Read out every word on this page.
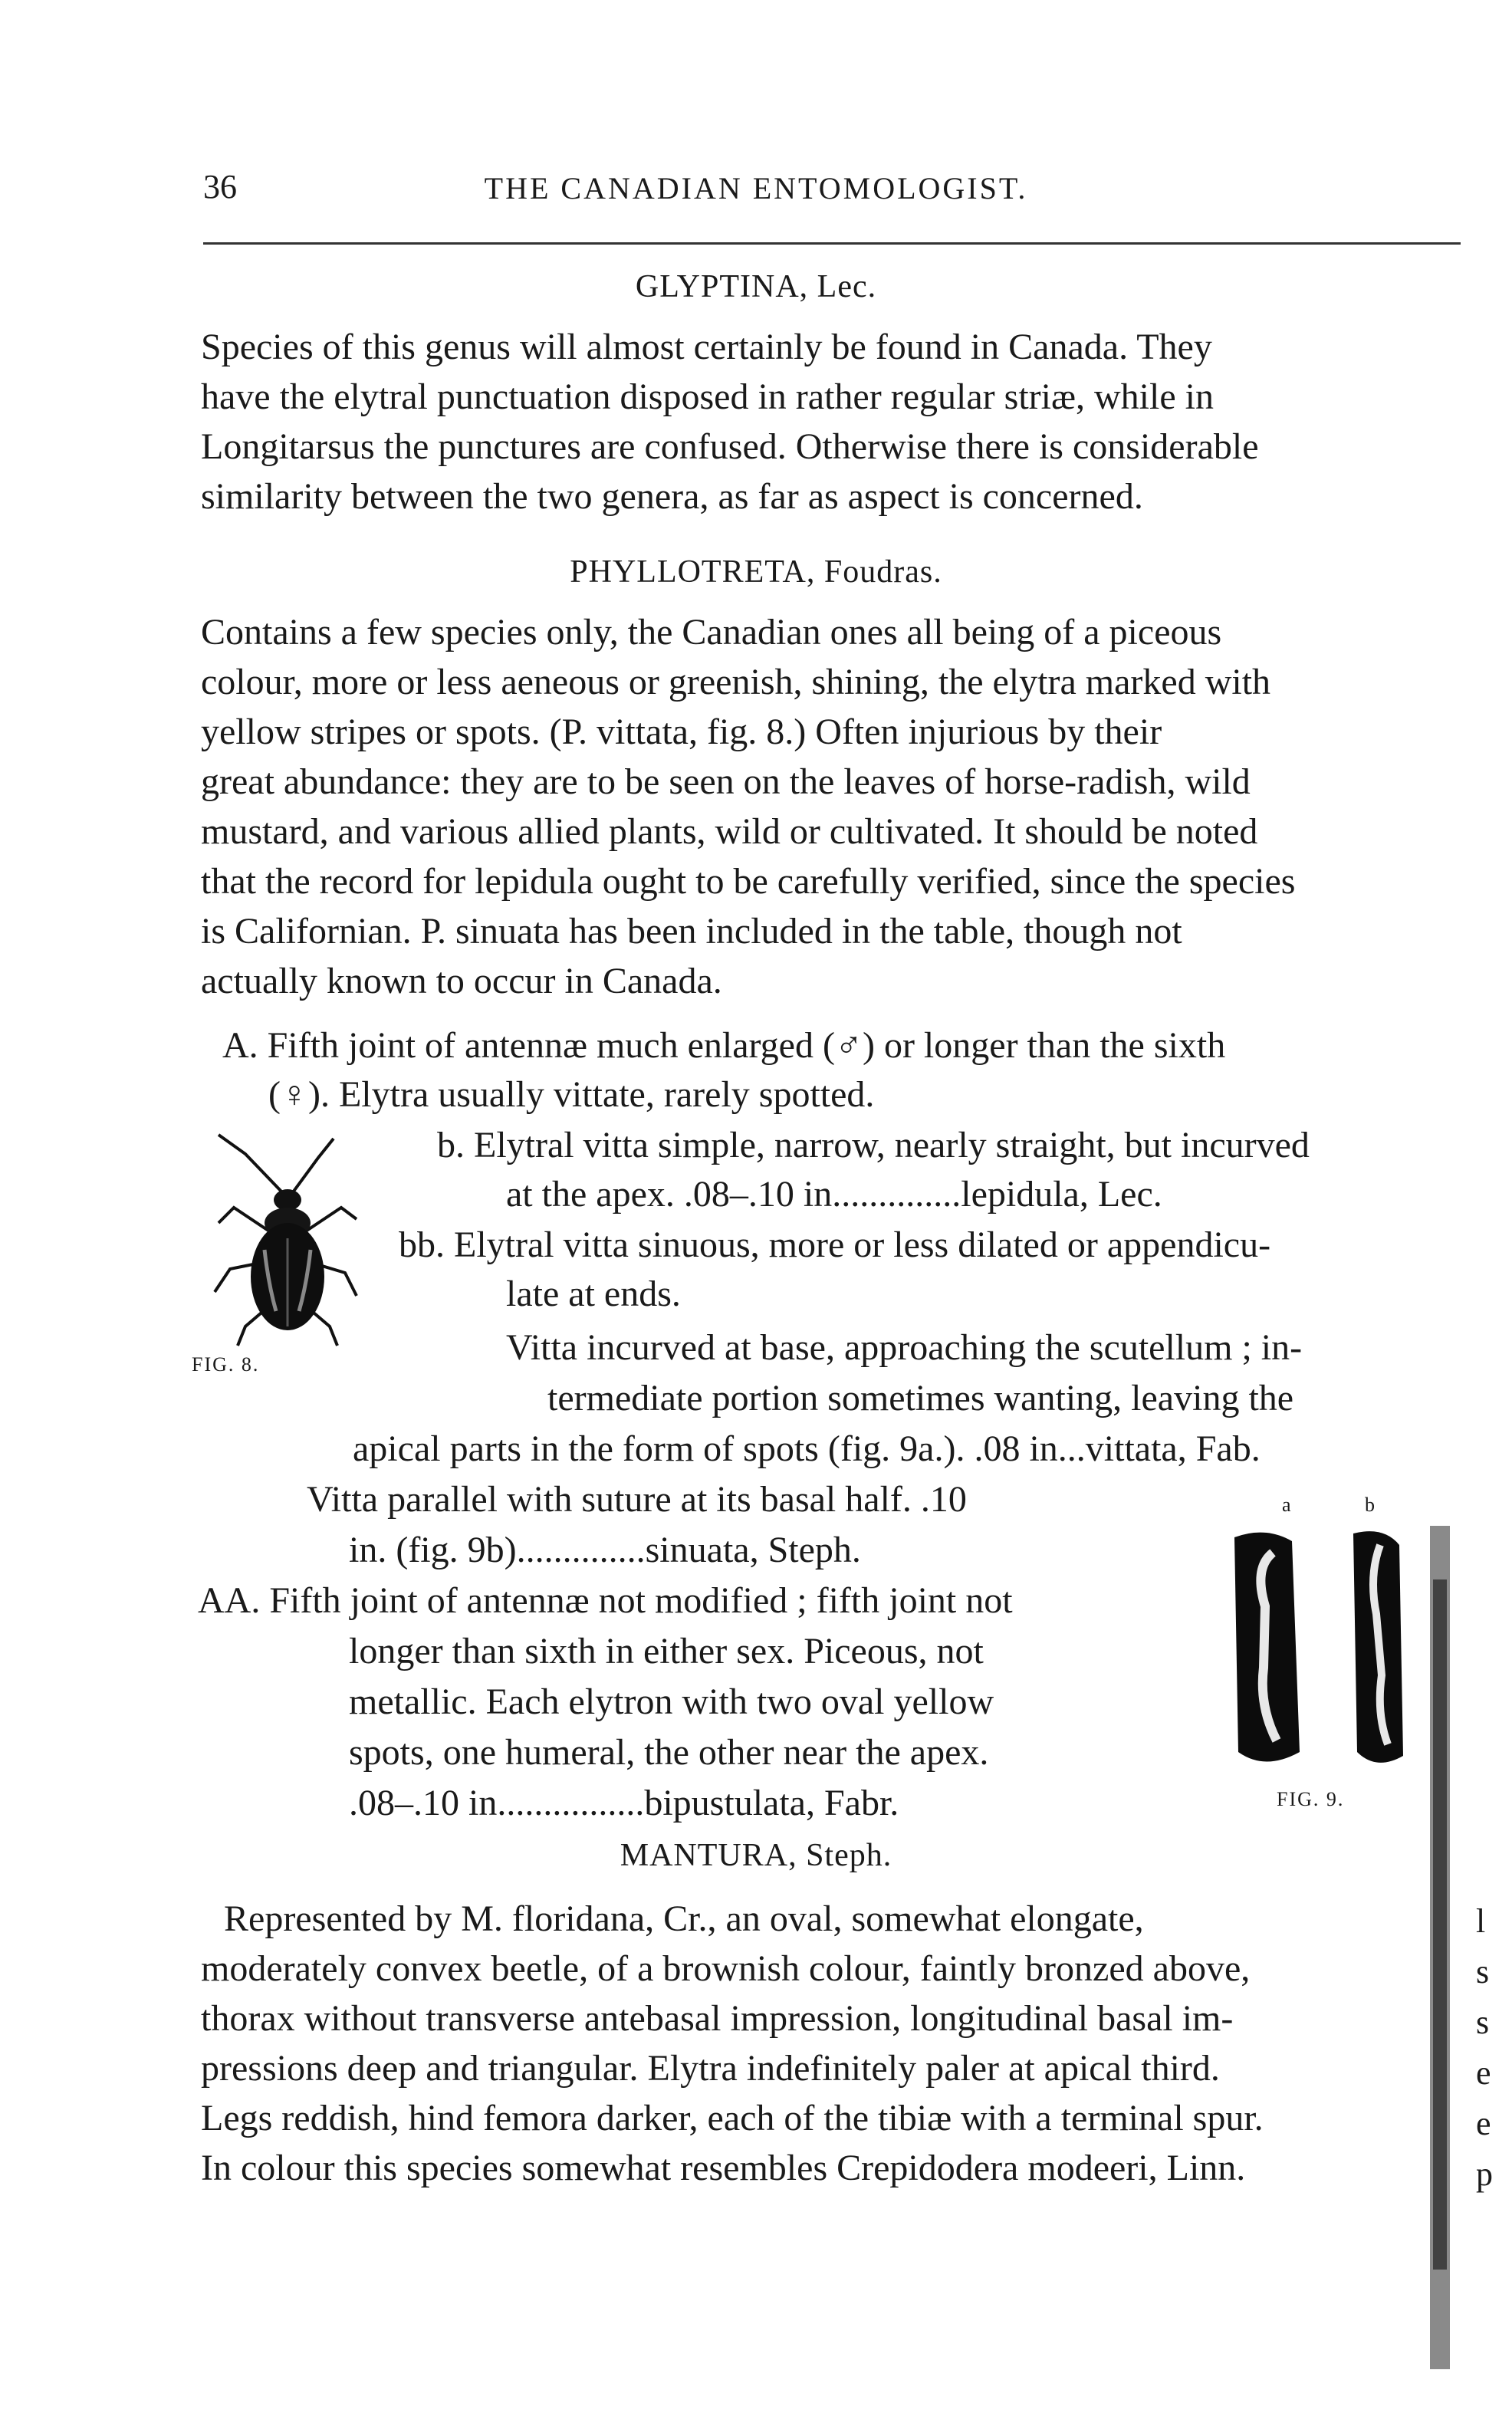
36	THE CANADIAN ENTOMOLOGIST.
GLYPTINA, Lec.
Species of this genus will almost certainly be found in Canada. They
have the elytral punctuation disposed in rather regular striæ, while in
Longitarsus the punctures are confused. Otherwise there is considerable
similarity between the two genera, as far as aspect is concerned.
PHYLLOTRETA, Foudras.
Contains a few species only, the Canadian ones all being of a piceous
colour, more or less aeneous or greenish, shining, the elytra marked with
yellow stripes or spots. (P. vittata, fig. 8.) Often injurious by their
great abundance: they are to be seen on the leaves of horse-radish, wild
mustard, and various allied plants, wild or cultivated. It should be noted
that the record for lepidula ought to be carefully verified, since the species
is Californian. P. sinuata has been included in the table, though not
actually known to occur in Canada.
A. Fifth joint of antennæ much enlarged (♂) or longer than the sixth
(♀). Elytra usually vittate, rarely spotted.
FIG. 8.
b. Elytral vitta simple, narrow, nearly straight, but incurved
at the apex. .08–.10 in..............lepidula, Lec.
bb. Elytral vitta sinuous, more or less dilated or appendicu-
late at ends.
Vitta incurved at base, approaching the scutellum ; in-
termediate portion sometimes wanting, leaving the
apical parts in the form of spots (fig. 9a.). .08 in...vittata, Fab.
Vitta parallel with suture at its basal half. .10
in. (fig. 9b)..............sinuata, Steph.
AA. Fifth joint of antennæ not modified ; fifth joint not
longer than sixth in either sex. Piceous, not
metallic. Each elytron with two oval yellow
spots, one humeral, the other near the apex.
.08–.10 in................bipustulata, Fabr.
a	b
FIG. 9.
MANTURA, Steph.
Represented by M. floridana, Cr., an oval, somewhat elongate,
moderately convex beetle, of a brownish colour, faintly bronzed above,
thorax without transverse antebasal impression, longitudinal basal im-
pressions deep and triangular. Elytra indefinitely paler at apical third.
Legs reddish, hind femora darker, each of the tibiæ with a terminal spur.
In colour this species somewhat resembles Crepidodera modeeri, Linn.
l
s
s
e
e
p
